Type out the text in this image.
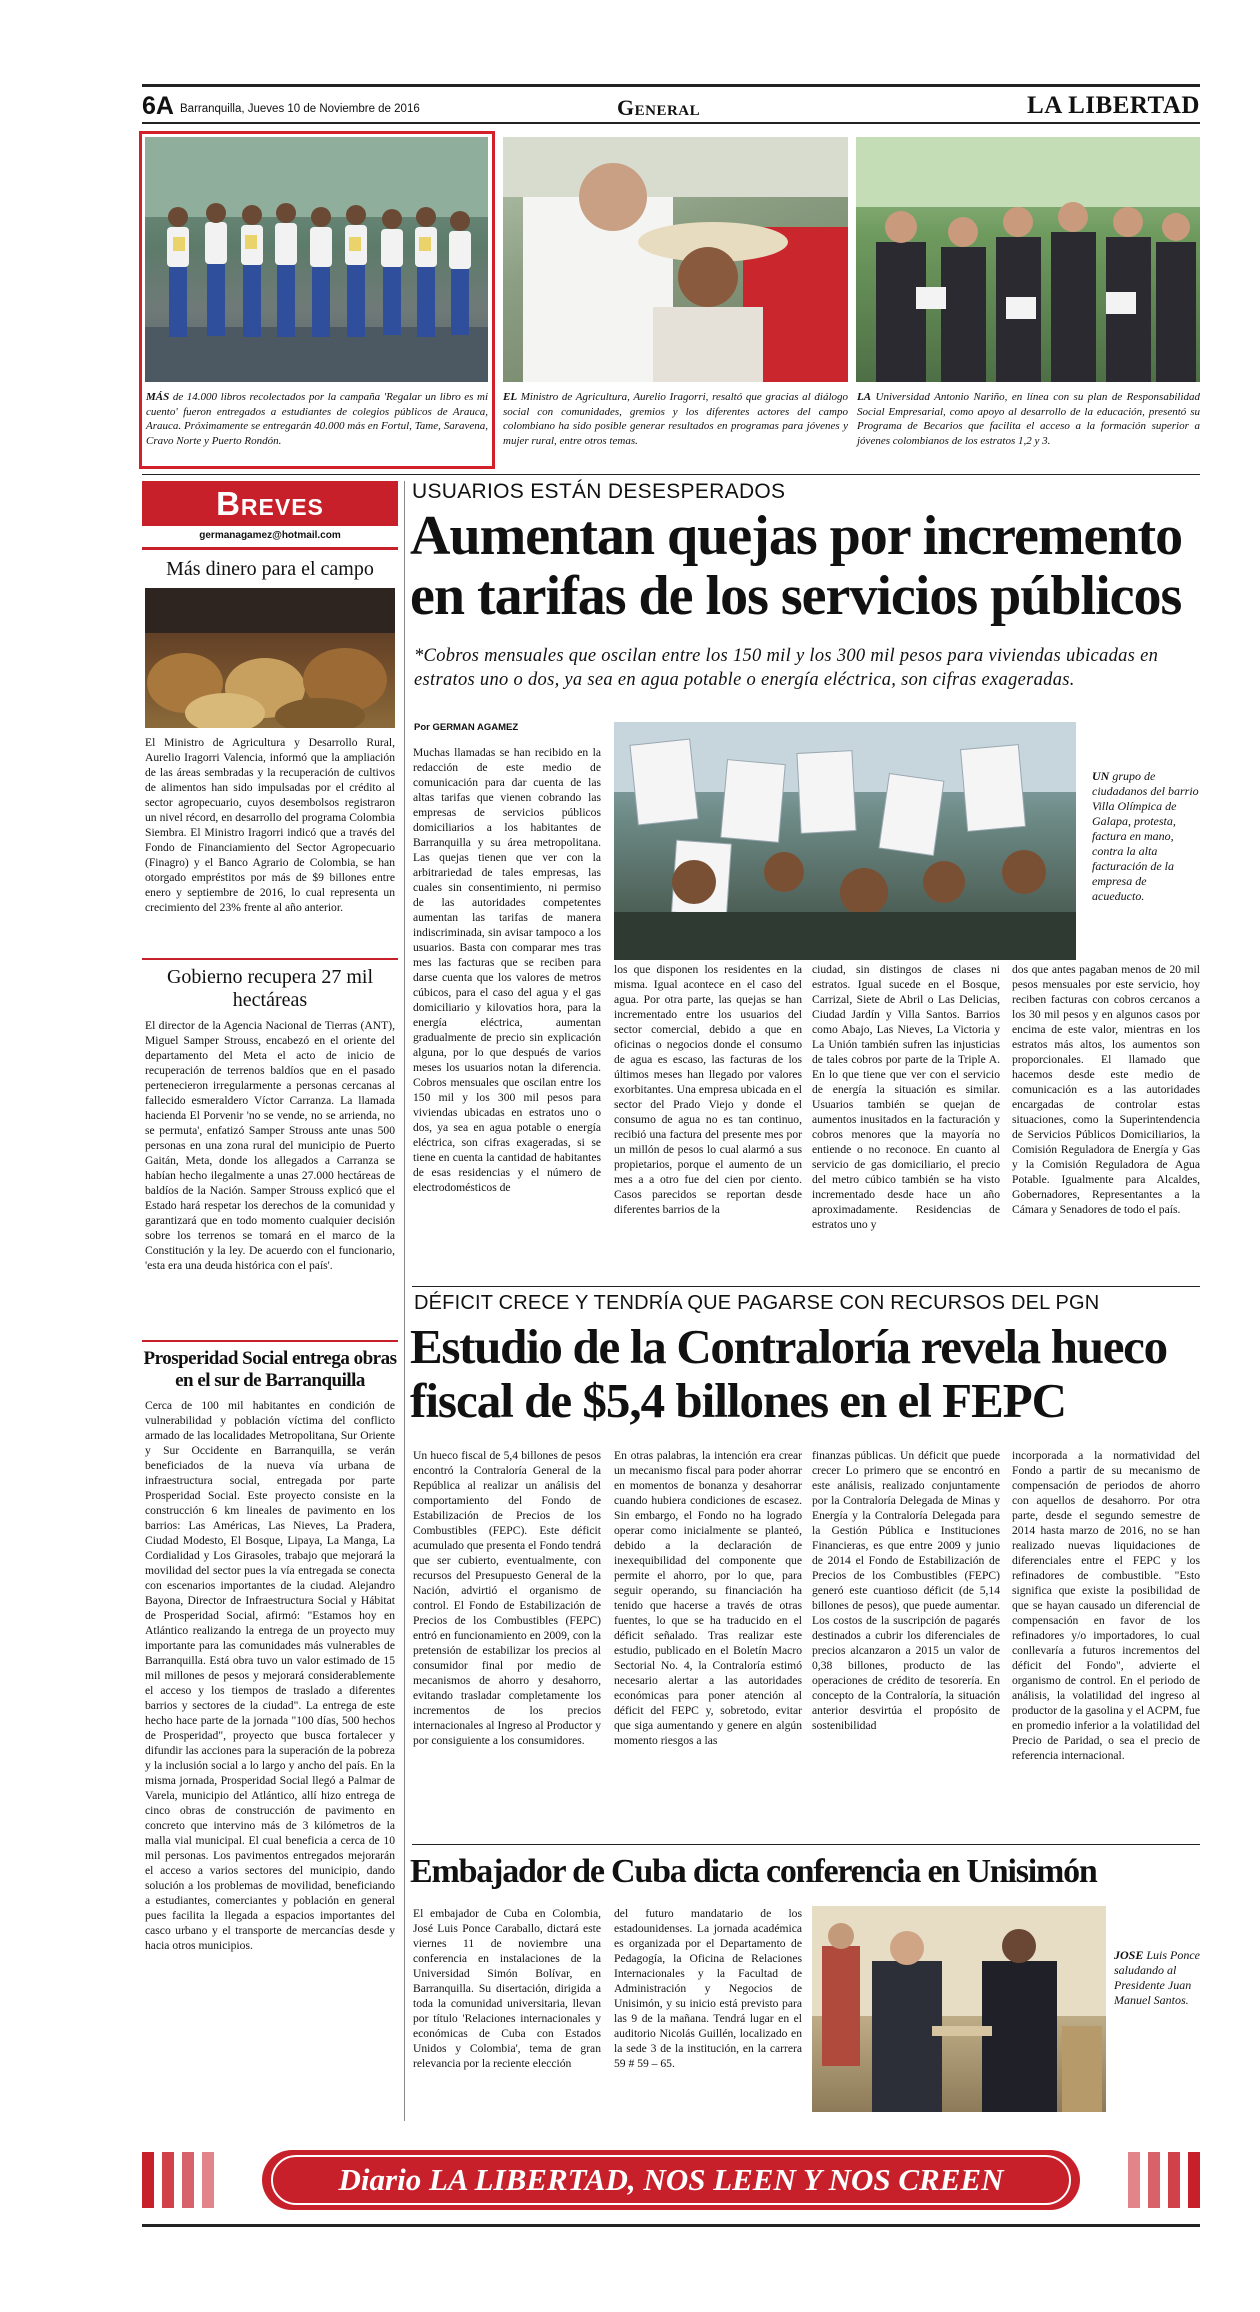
6A Barranquilla, Jueves 10 de Noviembre de 2016	General	LA LIBERTAD
MÁS de 14.000 libros recolectados por la campaña 'Regalar un libro es mi cuento' fueron entregados a estudiantes de colegios públicos de Arauca, Arauca. Próximamente se entregarán 40.000 más en Fortul, Tame, Saravena, Cravo Norte y Puerto Rondón.
EL Ministro de Agricultura, Aurelio Iragorri, resaltó que gracias al diálogo social con comunidades, gremios y los diferentes actores del campo colombiano ha sido posible generar resultados en programas para jóvenes y mujer rural, entre otros temas.
LA Universidad Antonio Nariño, en línea con su plan de Responsabilidad Social Empresarial, como apoyo al desarrollo de la educación, presentó su Programa de Becarios que facilita el acceso a la formación superior a jóvenes colombianos de los estratos 1,2 y 3.
Breves
germanagamez@hotmail.com
Más dinero para el campo
El Ministro de Agricultura y Desarrollo Rural, Aurelio Iragorri Valencia, informó que la ampliación de las áreas sembradas y la recuperación de cultivos de alimentos han sido impulsadas por el crédito al sector agropecuario, cuyos desembolsos registraron un nivel récord, en desarrollo del programa Colombia Siembra. El Ministro Iragorri indicó que a través del Fondo de Financiamiento del Sector Agropecuario (Finagro) y el Banco Agrario de Colombia, se han otorgado empréstitos por más de $9 billones entre enero y septiembre de 2016, lo cual representa un crecimiento del 23% frente al año anterior.
Gobierno recupera 27 mil hectáreas
El director de la Agencia Nacional de Tierras (ANT), Miguel Samper Strouss, encabezó en el oriente del departamento del Meta el acto de inicio de recuperación de terrenos baldíos que en el pasado pertenecieron irregularmente a personas cercanas al fallecido esmeraldero Víctor Carranza. La llamada hacienda El Porvenir 'no se vende, no se arrienda, no se permuta', enfatizó Samper Strouss ante unas 500 personas en una zona rural del municipio de Puerto Gaitán, Meta, donde los allegados a Carranza se habían hecho ilegalmente a unas 27.000 hectáreas de baldíos de la Nación. Samper Strouss explicó que el Estado hará respetar los derechos de la comunidad y garantizará que en todo momento cualquier decisión sobre los terrenos se tomará en el marco de la Constitución y la ley. De acuerdo con el funcionario, 'esta era una deuda histórica con el país'.
Prosperidad Social entrega obras en el sur de Barranquilla
Cerca de 100 mil habitantes en condición de vulnerabilidad y población víctima del conflicto armado de las localidades Metropolitana, Sur Oriente y Sur Occidente en Barranquilla, se verán beneficiados de la nueva vía urbana de infraestructura social, entregada por parte Prosperidad Social. Este proyecto consiste en la construcción 6 km lineales de pavimento en los barrios: Las Américas, Las Nieves, La Pradera, Ciudad Modesto, El Bosque, Lipaya, La Manga, La Cordialidad y Los Girasoles, trabajo que mejorará la movilidad del sector pues la vía entregada se conecta con escenarios importantes de la ciudad. Alejandro Bayona, Director de Infraestructura Social y Hábitat de Prosperidad Social, afirmó: "Estamos hoy en Atlántico realizando la entrega de un proyecto muy importante para las comunidades más vulnerables de Barranquilla. Está obra tuvo un valor estimado de 15 mil millones de pesos y mejorará considerablemente el acceso y los tiempos de traslado a diferentes barrios y sectores de la ciudad". La entrega de este hecho hace parte de la jornada "100 días, 500 hechos de Prosperidad", proyecto que busca fortalecer y difundir las acciones para la superación de la pobreza y la inclusión social a lo largo y ancho del país. En la misma jornada, Prosperidad Social llegó a Palmar de Varela, municipio del Atlántico, allí hizo entrega de cinco obras de construcción de pavimento en concreto que intervino más de 3 kilómetros de la malla vial municipal. El cual beneficia a cerca de 10 mil personas. Los pavimentos entregados mejorarán el acceso a varios sectores del municipio, dando solución a los problemas de movilidad, beneficiando a estudiantes, comerciantes y población en general pues facilita la llegada a espacios importantes del casco urbano y el transporte de mercancías desde y hacia otros municipios.
USUARIOS ESTÁN DESESPERADOS
Aumentan quejas por incremento
en tarifas de los servicios públicos
*Cobros mensuales que oscilan entre los 150 mil y los 300 mil pesos para viviendas ubicadas en estratos uno o dos, ya sea en agua potable o energía eléctrica, son cifras exageradas.
Por GERMAN AGAMEZ
Muchas llamadas se han recibido en la redacción de este medio de comunicación para dar cuenta de las altas tarifas que vienen cobrando las empresas de servicios públicos domiciliarios a los habitantes de Barranquilla y su área metropolitana. Las quejas tienen que ver con la arbitrariedad de tales empresas, las cuales sin consentimiento, ni permiso de las autoridades competentes aumentan las tarifas de manera indiscriminada, sin avisar tampoco a los usuarios. Basta con comparar mes tras mes las facturas que se reciben para darse cuenta que los valores de metros cúbicos, para el caso del agua y el gas domiciliario y kilovatios hora, para la energía eléctrica, aumentan gradualmente de precio sin explicación alguna, por lo que después de varios meses los usuarios notan la diferencia. Cobros mensuales que oscilan entre los 150 mil y los 300 mil pesos para viviendas ubicadas en estratos uno o dos, ya sea en agua potable o energía eléctrica, son cifras exageradas, si se tiene en cuenta la cantidad de habitantes de esas residencias y el número de electrodomésticos de
UN grupo de ciudadanos del barrio Villa Olímpica de Galapa, protesta, factura en mano, contra la alta facturación de la empresa de acueducto.
los que disponen los residentes en la misma. Igual acontece en el caso del agua. Por otra parte, las quejas se han incrementado entre los usuarios del sector comercial, debido a que en oficinas o negocios donde el consumo de agua es escaso, las facturas de los últimos meses han llegado por valores exorbitantes. Una empresa ubicada en el sector del Prado Viejo y donde el consumo de agua no es tan continuo, recibió una factura del presente mes por un millón de pesos lo cual alarmó a sus propietarios, porque el aumento de un mes a a otro fue del cien por ciento. Casos parecidos se reportan desde diferentes barrios de la
ciudad, sin distingos de clases ni estratos. Igual sucede en el Bosque, Carrizal, Siete de Abril o Las Delicias, Ciudad Jardín y Villa Santos. Barrios como Abajo, Las Nieves, La Victoria y La Unión también sufren las injusticias de tales cobros por parte de la Triple A. En lo que tiene que ver con el servicio de energía la situación es similar. Usuarios también se quejan de aumentos inusitados en la facturación y cobros menores que la mayoría no entiende o no reconoce. En cuanto al servicio de gas domiciliario, el precio del metro cúbico también se ha visto incrementado desde hace un año aproximadamente. Residencias de estratos uno y
dos que antes pagaban menos de 20 mil pesos mensuales por este servicio, hoy reciben facturas con cobros cercanos a los 30 mil pesos y en algunos casos por encima de este valor, mientras en los estratos más altos, los aumentos son proporcionales. El llamado que hacemos desde este medio de comunicación es a las autoridades encargadas de controlar estas situaciones, como la Superintendencia de Servicios Públicos Domiciliarios, la Comisión Reguladora de Energía y Gas y la Comisión Reguladora de Agua Potable. Igualmente para Alcaldes, Gobernadores, Representantes a la Cámara y Senadores de todo el país.
DÉFICIT CRECE Y TENDRÍA QUE PAGARSE CON RECURSOS DEL PGN
Estudio de la Contraloría revela hueco
fiscal de $5,4 billones en el FEPC
Un hueco fiscal de 5,4 billones de pesos encontró la Contraloría General de la República al realizar un análisis del comportamiento del Fondo de Estabilización de Precios de los Combustibles (FEPC). Este déficit acumulado que presenta el Fondo tendrá que ser cubierto, eventualmente, con recursos del Presupuesto General de la Nación, advirtió el organismo de control. El Fondo de Estabilización de Precios de los Combustibles (FEPC) entró en funcionamiento en 2009, con la pretensión de estabilizar los precios al consumidor final por medio de mecanismos de ahorro y desahorro, evitando trasladar completamente los incrementos de los precios internacionales al Ingreso al Productor y por consiguiente a los consumidores.
En otras palabras, la intención era crear un mecanismo fiscal para poder ahorrar en momentos de bonanza y desahorrar cuando hubiera condiciones de escasez. Sin embargo, el Fondo no ha logrado operar como inicialmente se planteó, debido a la declaración de inexequibilidad del componente que permite el ahorro, por lo que, para seguir operando, su financiación ha tenido que hacerse a través de otras fuentes, lo que se ha traducido en el déficit señalado. Tras realizar este estudio, publicado en el Boletín Macro Sectorial No. 4, la Contraloría estimó necesario alertar a las autoridades económicas para poner atención al déficit del FEPC y, sobretodo, evitar que siga aumentando y genere en algún momento riesgos a las
finanzas públicas. Un déficit que puede crecer Lo primero que se encontró en este análisis, realizado conjuntamente por la Contraloría Delegada de Minas y Energía y la Contraloría Delegada para la Gestión Pública e Instituciones Financieras, es que entre 2009 y junio de 2014 el Fondo de Estabilización de Precios de los Combustibles (FEPC) generó este cuantioso déficit (de 5,14 billones de pesos), que puede aumentar. Los costos de la suscripción de pagarés destinados a cubrir los diferenciales de precios alcanzaron a 2015 un valor de 0,38 billones, producto de las operaciones de crédito de tesorería. En concepto de la Contraloría, la situación anterior desvirtúa el propósito de sostenibilidad
incorporada a la normatividad del Fondo a partir de su mecanismo de compensación de periodos de ahorro con aquellos de desahorro. Por otra parte, desde el segundo semestre de 2014 hasta marzo de 2016, no se han realizado nuevas liquidaciones de diferenciales entre el FEPC y los refinadores de combustible. "Esto significa que existe la posibilidad de que se hayan causado un diferencial de compensación en favor de los refinadores y/o importadores, lo cual conllevaría a futuros incrementos del déficit del Fondo", advierte el organismo de control. En el periodo de análisis, la volatilidad del ingreso al productor de la gasolina y el ACPM, fue en promedio inferior a la volatilidad del Precio de Paridad, o sea el precio de referencia internacional.
Embajador de Cuba dicta conferencia en Unisimón
El embajador de Cuba en Colombia, José Luis Ponce Caraballo, dictará este viernes 11 de noviembre una conferencia en instalaciones de la Universidad Simón Bolívar, en Barranquilla. Su disertación, dirigida a toda la comunidad universitaria, llevan por título 'Relaciones internacionales y económicas de Cuba con Estados Unidos y Colombia', tema de gran relevancia por la reciente elección
del futuro mandatario de los estadounidenses. La jornada académica es organizada por el Departamento de Pedagogía, la Oficina de Relaciones Internacionales y la Facultad de Administración y Negocios de Unisimón, y su inicio está previsto para las 9 de la mañana. Tendrá lugar en el auditorio Nicolás Guillén, localizado en la sede 3 de la institución, en la carrera 59 # 59 – 65.
JOSE Luis Ponce saludando al Presidente Juan Manuel Santos.
Diario LA LIBERTAD, NOS LEEN Y NOS CREEN
